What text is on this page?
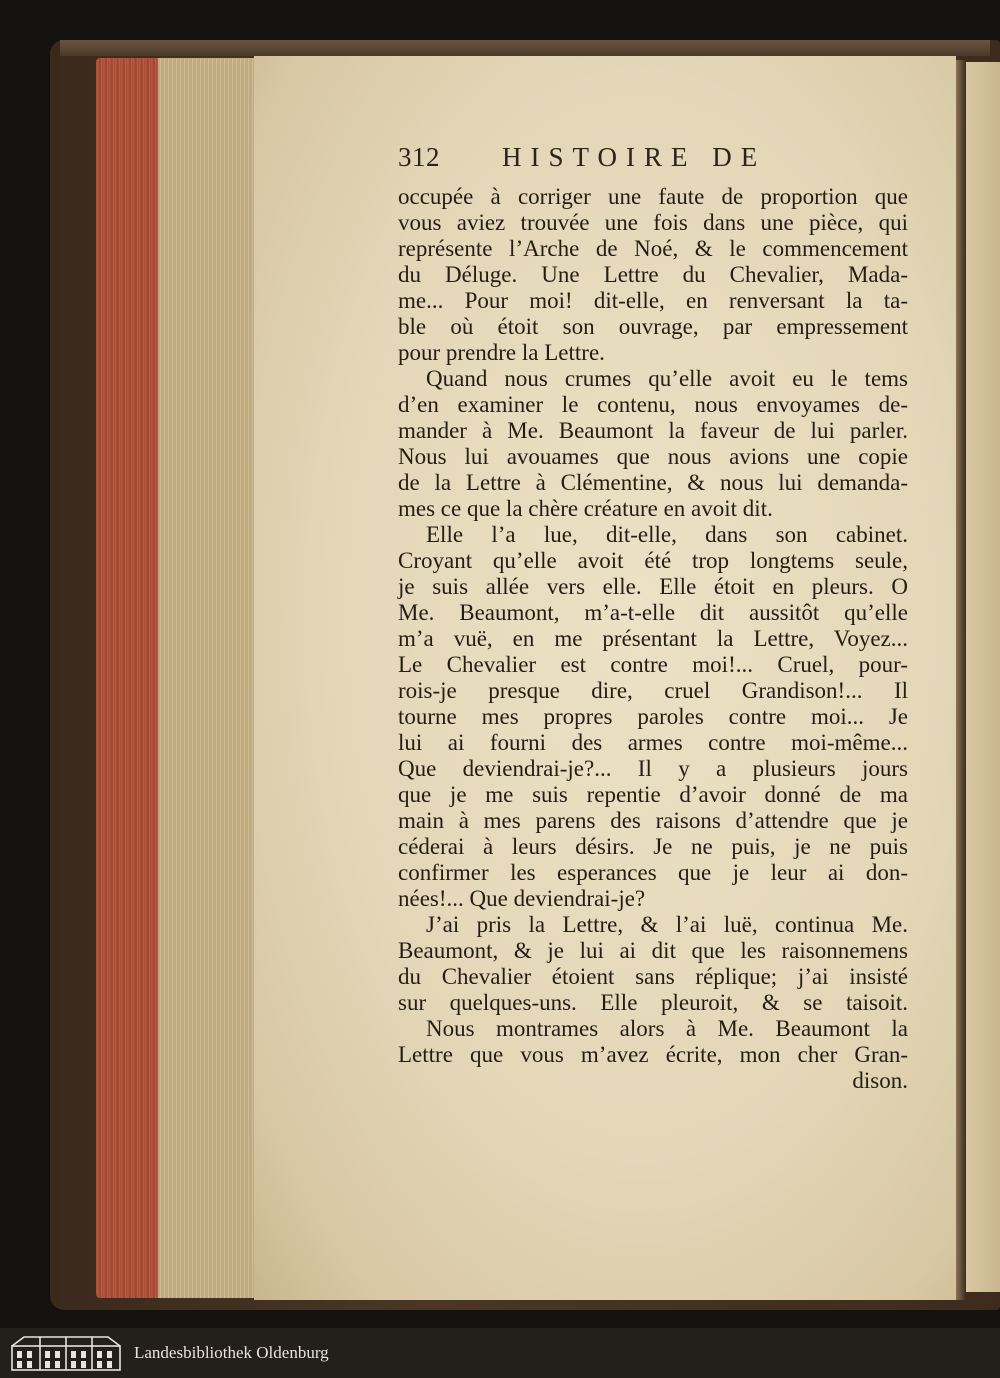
312 HISTOIRE DE
occupée à corriger une faute de proportion que
vous aviez trouvée une fois dans une pièce, qui
représente l’Arche de Noé, & le commencement
du Déluge. Une Lettre du Chevalier, Mada-
me... Pour moi! dit-elle, en renversant la ta-
ble où étoit son ouvrage, par empressement
pour prendre la Lettre.
Quand nous crumes qu’elle avoit eu le tems
d’en examiner le contenu, nous envoyames de-
mander à Me. Beaumont la faveur de lui parler.
Nous lui avouames que nous avions une copie
de la Lettre à Clémentine, & nous lui demanda-
mes ce que la chère créature en avoit dit.
Elle l’a lue, dit-elle, dans son cabinet.
Croyant qu’elle avoit été trop longtems seule,
je suis allée vers elle. Elle étoit en pleurs. O
Me. Beaumont, m’a-t-elle dit aussitôt qu’elle
m’a vuë, en me présentant la Lettre, Voyez...
Le Chevalier est contre moi!... Cruel, pour-
rois-je presque dire, cruel Grandison!... Il
tourne mes propres paroles contre moi... Je
lui ai fourni des armes contre moi-même...
Que deviendrai-je?... Il y a plusieurs jours
que je me suis repentie d’avoir donné de ma
main à mes parens des raisons d’attendre que je
céderai à leurs désirs. Je ne puis, je ne puis
confirmer les esperances que je leur ai don-
nées!... Que deviendrai-je?
J’ai pris la Lettre, & l’ai luë, continua Me.
Beaumont, & je lui ai dit que les raisonnemens
du Chevalier étoient sans réplique; j’ai insisté
sur quelques-uns. Elle pleuroit, & se taisoit.
Nous montrames alors à Me. Beaumont la
Lettre que vous m’avez écrite, mon cher Gran-
dison.
Landesbibliothek Oldenburg
